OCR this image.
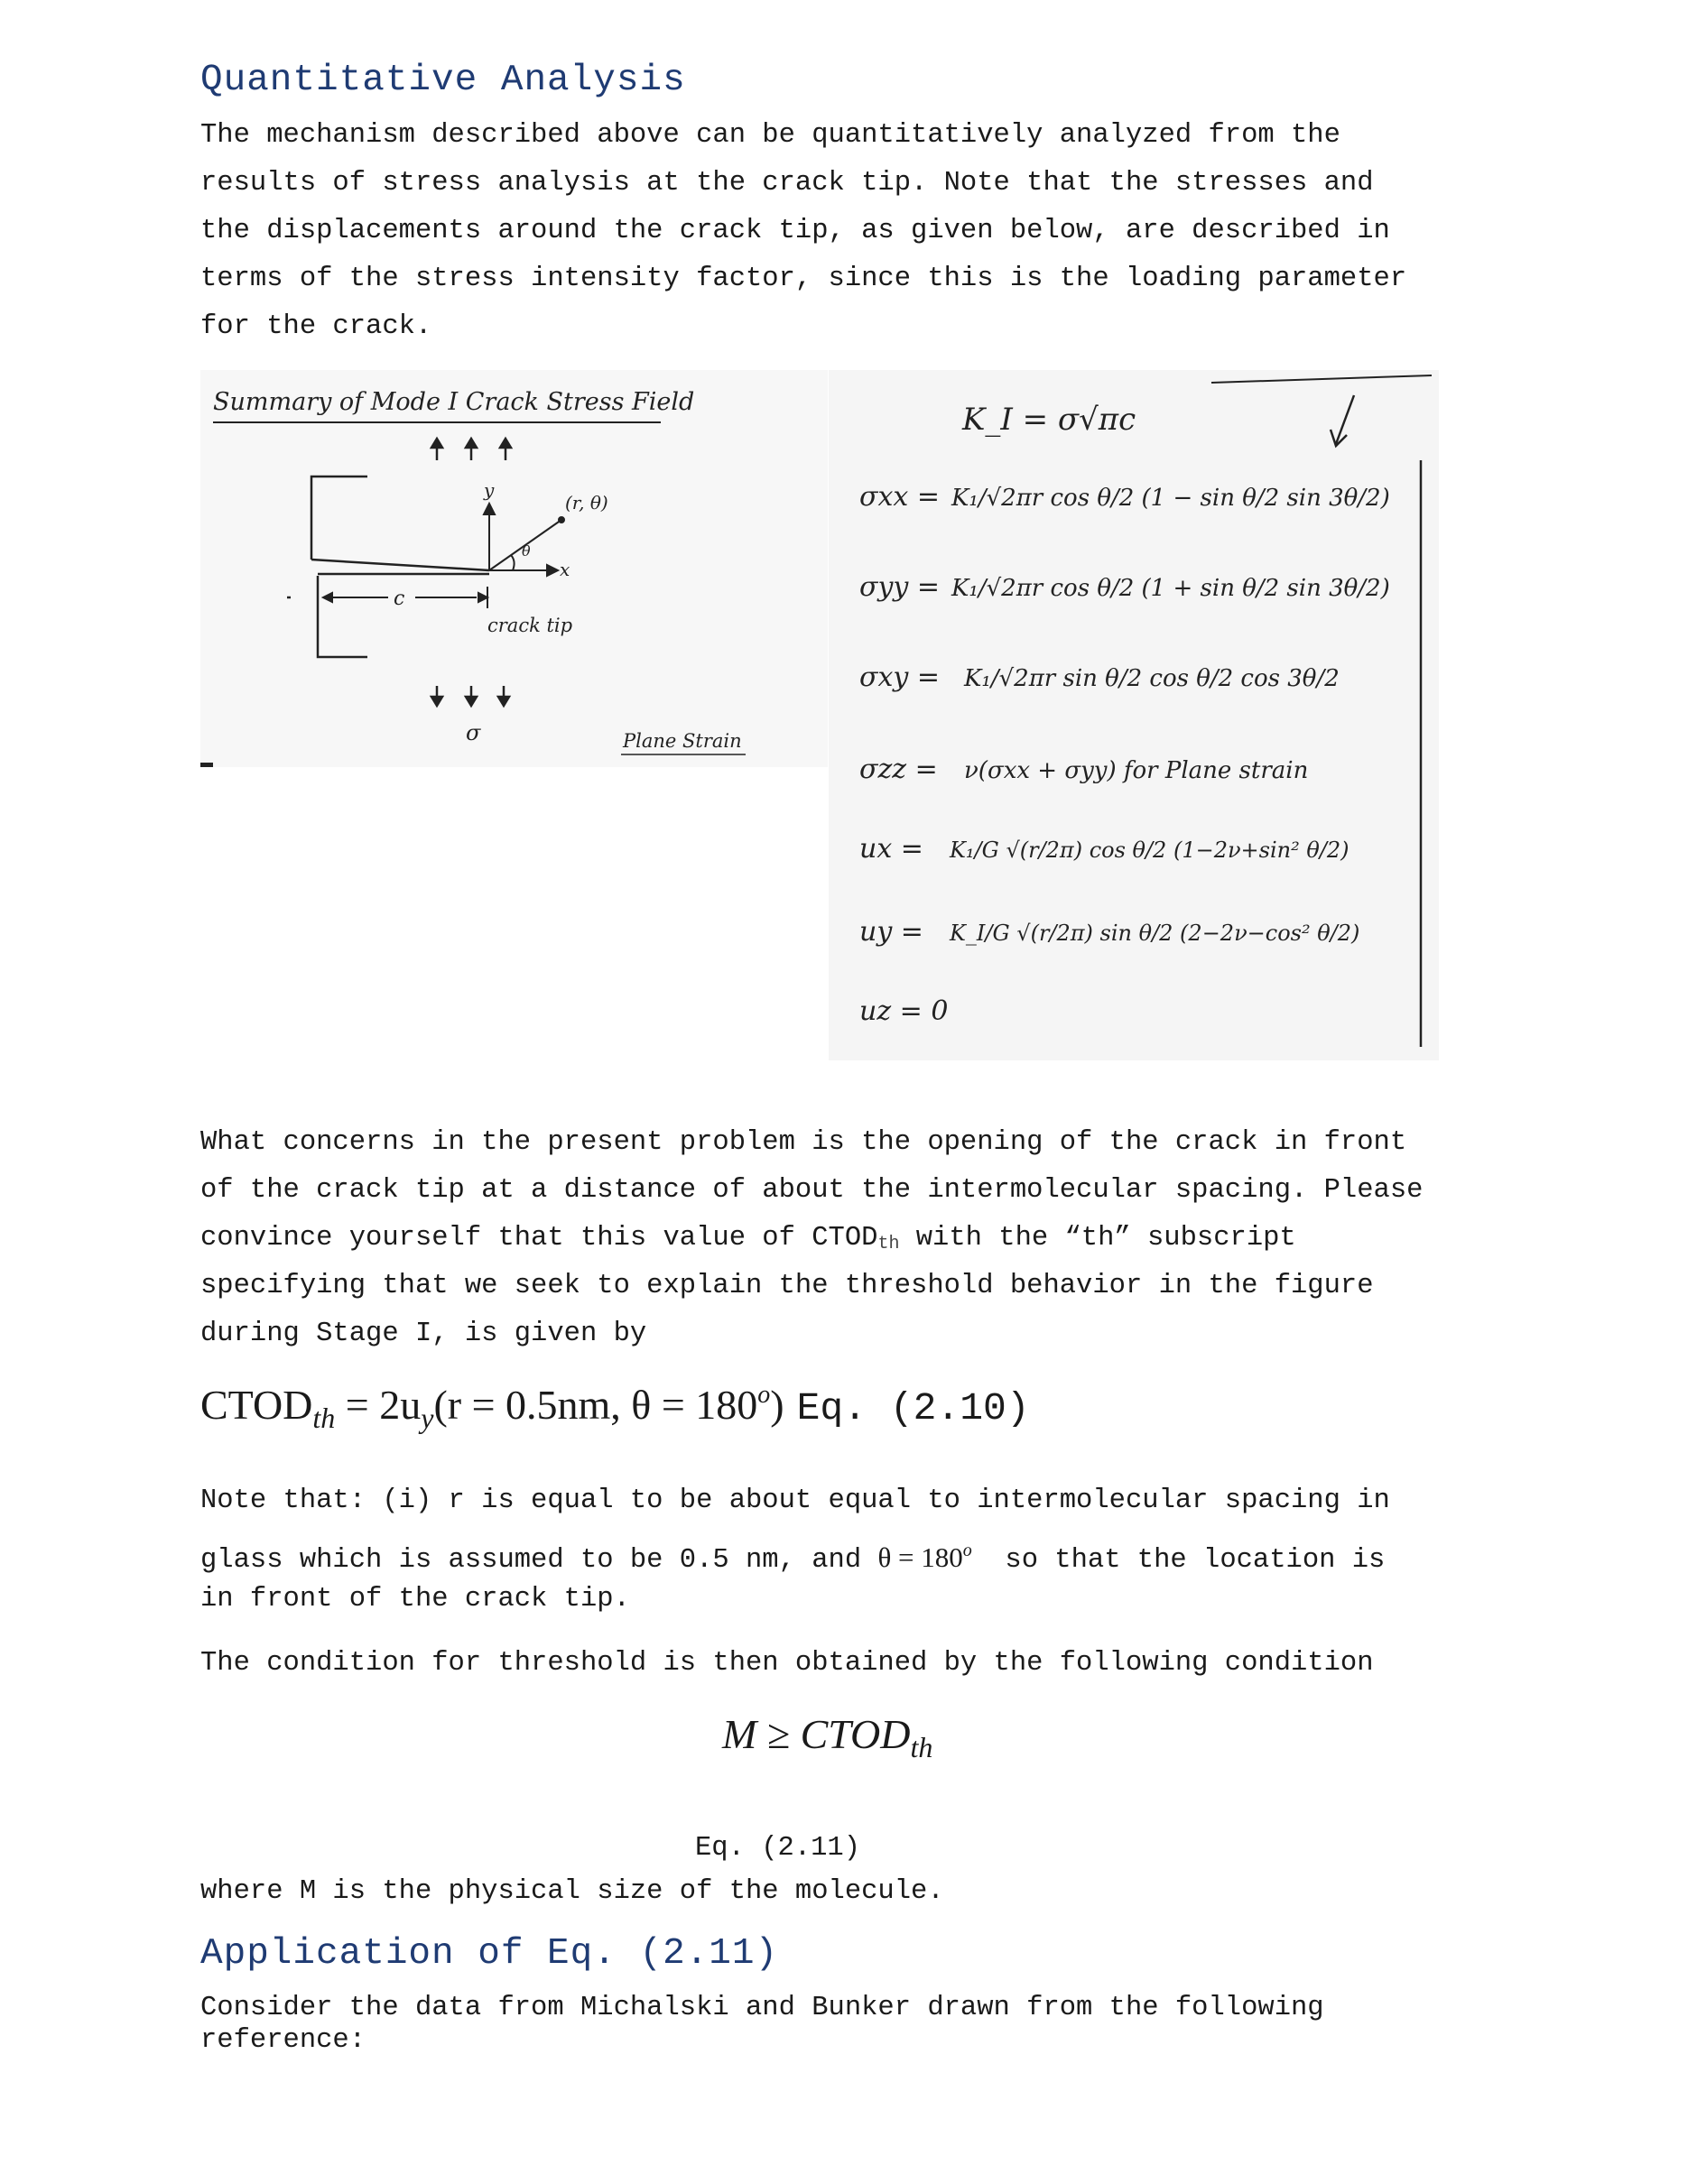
Quantitative Analysis

The mechanism described above can be quantitatively analyzed from the

results of stress analysis at the crack tip. Note that the stresses and

the displacements around the crack tip, as given below, are described in

terms of the stress intensity factor, since this is the loading parameter

for the crack.

Summary of Mode I Crack Stress Field
c
y
(r, θ)
θ
x
crack tip
σ	Plane Strain
K_I = σ√πc
σxx = K₁/√2πr cos θ/2 (1 − sin θ/2 sin 3θ/2)
σyy = K₁/√2πr cos θ/2 (1 + sin θ/2 sin 3θ/2)
σxy = K₁/√2πr sin θ/2 cos θ/2 cos 3θ/2
σzz = ν(σxx + σyy) for Plane strain
ux = K₁/G √(r/2π) cos θ/2 (1−2ν+sin² θ/2)
uy = K_I/G √(r/2π) sin θ/2 (2−2ν−cos² θ/2)
uz = 0

What concerns in the present problem is the opening of the crack in front

of the crack tip at a distance of about the intermolecular spacing. Please

convince yourself that this value of CTODth with the “th” subscript

specifying that we seek to explain the threshold behavior in the figure

during Stage I, is given by

$CTOD_{th} = 2u_y(r = 0.5nm$, $\theta = 180^o$) Eq. (2.10)

Note that: (i) r is equal to be about equal to intermolecular spacing in

glass which is assumed to be 0.5 nm, and $\theta = 180^o$  so that the location is

in front of the crack tip.

The condition for threshold is then obtained by the following condition

$M \ge CTOD_{th}$

Eq. (2.11)

where M is the physical size of the molecule.

Application of Eq. (2.11)

Consider the data from Michalski and Bunker drawn from the following

reference:
